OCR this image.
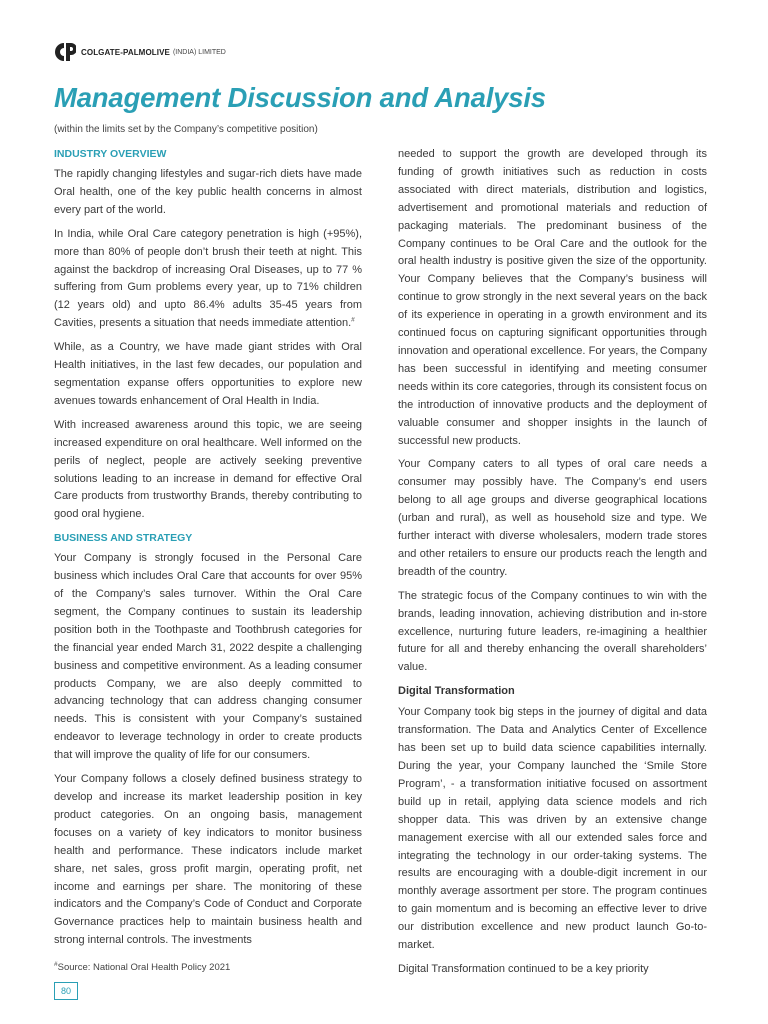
COLGATE-PALMOLIVE (INDIA) LIMITED
Management Discussion and Analysis
(within the limits set by the Company’s competitive position)
INDUSTRY OVERVIEW

The rapidly changing lifestyles and sugar-rich diets have made Oral health, one of the key public health concerns in almost every part of the world.

In India, while Oral Care category penetration is high (+95%), more than 80% of people don’t brush their teeth at night. This against the backdrop of increasing Oral Diseases, up to 77 % suffering from Gum problems every year, up to 71% children (12 years old) and upto 86.4% adults 35-45 years from Cavities, presents a situation that needs immediate attention.#

While, as a Country, we have made giant strides with Oral Health initiatives, in the last few decades, our population and segmentation expanse offers opportunities to explore new avenues towards enhancement of Oral Health in India.

With increased awareness around this topic, we are seeing increased expenditure on oral healthcare. Well informed on the perils of neglect, people are actively seeking preventive solutions leading to an increase in demand for effective Oral Care products from trustworthy Brands, thereby contributing to good oral hygiene.

BUSINESS AND STRATEGY

Your Company is strongly focused in the Personal Care business which includes Oral Care that accounts for over 95% of the Company’s sales turnover. Within the Oral Care segment, the Company continues to sustain its leadership position both in the Toothpaste and Toothbrush categories for the financial year ended March 31, 2022 despite a challenging business and competitive environment. As a leading consumer products Company, we are also deeply committed to advancing technology that can address changing consumer needs. This is consistent with your Company’s sustained endeavor to leverage technology in order to create products that will improve the quality of life for our consumers.

Your Company follows a closely defined business strategy to develop and increase its market leadership position in key product categories. On an ongoing basis, management focuses on a variety of key indicators to monitor business health and performance. These indicators include market share, net sales, gross profit margin, operating profit, net income and earnings per share. The monitoring of these indicators and the Company’s Code of Conduct and Corporate Governance practices help to maintain business health and strong internal controls. The investments

needed to support the growth are developed through its funding of growth initiatives such as reduction in costs associated with direct materials, distribution and logistics, advertisement and promotional materials and reduction of packaging materials. The predominant business of the Company continues to be Oral Care and the outlook for the oral health industry is positive given the size of the opportunity. Your Company believes that the Company’s business will continue to grow strongly in the next several years on the back of its experience in operating in a growth environment and its continued focus on capturing significant opportunities through innovation and operational excellence. For years, the Company has been successful in identifying and meeting consumer needs within its core categories, through its consistent focus on the introduction of innovative products and the deployment of valuable consumer and shopper insights in the launch of successful new products.

Your Company caters to all types of oral care needs a consumer may possibly have. The Company’s end users belong to all age groups and diverse geographical locations (urban and rural), as well as household size and type. We further interact with diverse wholesalers, modern trade stores and other retailers to ensure our products reach the length and breadth of the country.

The strategic focus of the Company continues to win with the brands, leading innovation, achieving distribution and in-store excellence, nurturing future leaders, re-imagining a healthier future for all and thereby enhancing the overall shareholders’ value.

Digital Transformation

Your Company took big steps in the journey of digital and data transformation. The Data and Analytics Center of Excellence has been set up to build data science capabilities internally. During the year, your Company launched the ‘Smile Store Program’, - a transformation initiative focused on assortment build up in retail, applying data science models and rich shopper data. This was driven by an extensive change management exercise with all our extended sales force and integrating the technology in our order-taking systems. The results are encouraging with a double-digit increment in our monthly average assortment per store. The program continues to gain momentum and is becoming an effective lever to drive our distribution excellence and new product launch Go-to-market.

Digital Transformation continued to be a key priority

#Source: National Oral Health Policy 2021
80
